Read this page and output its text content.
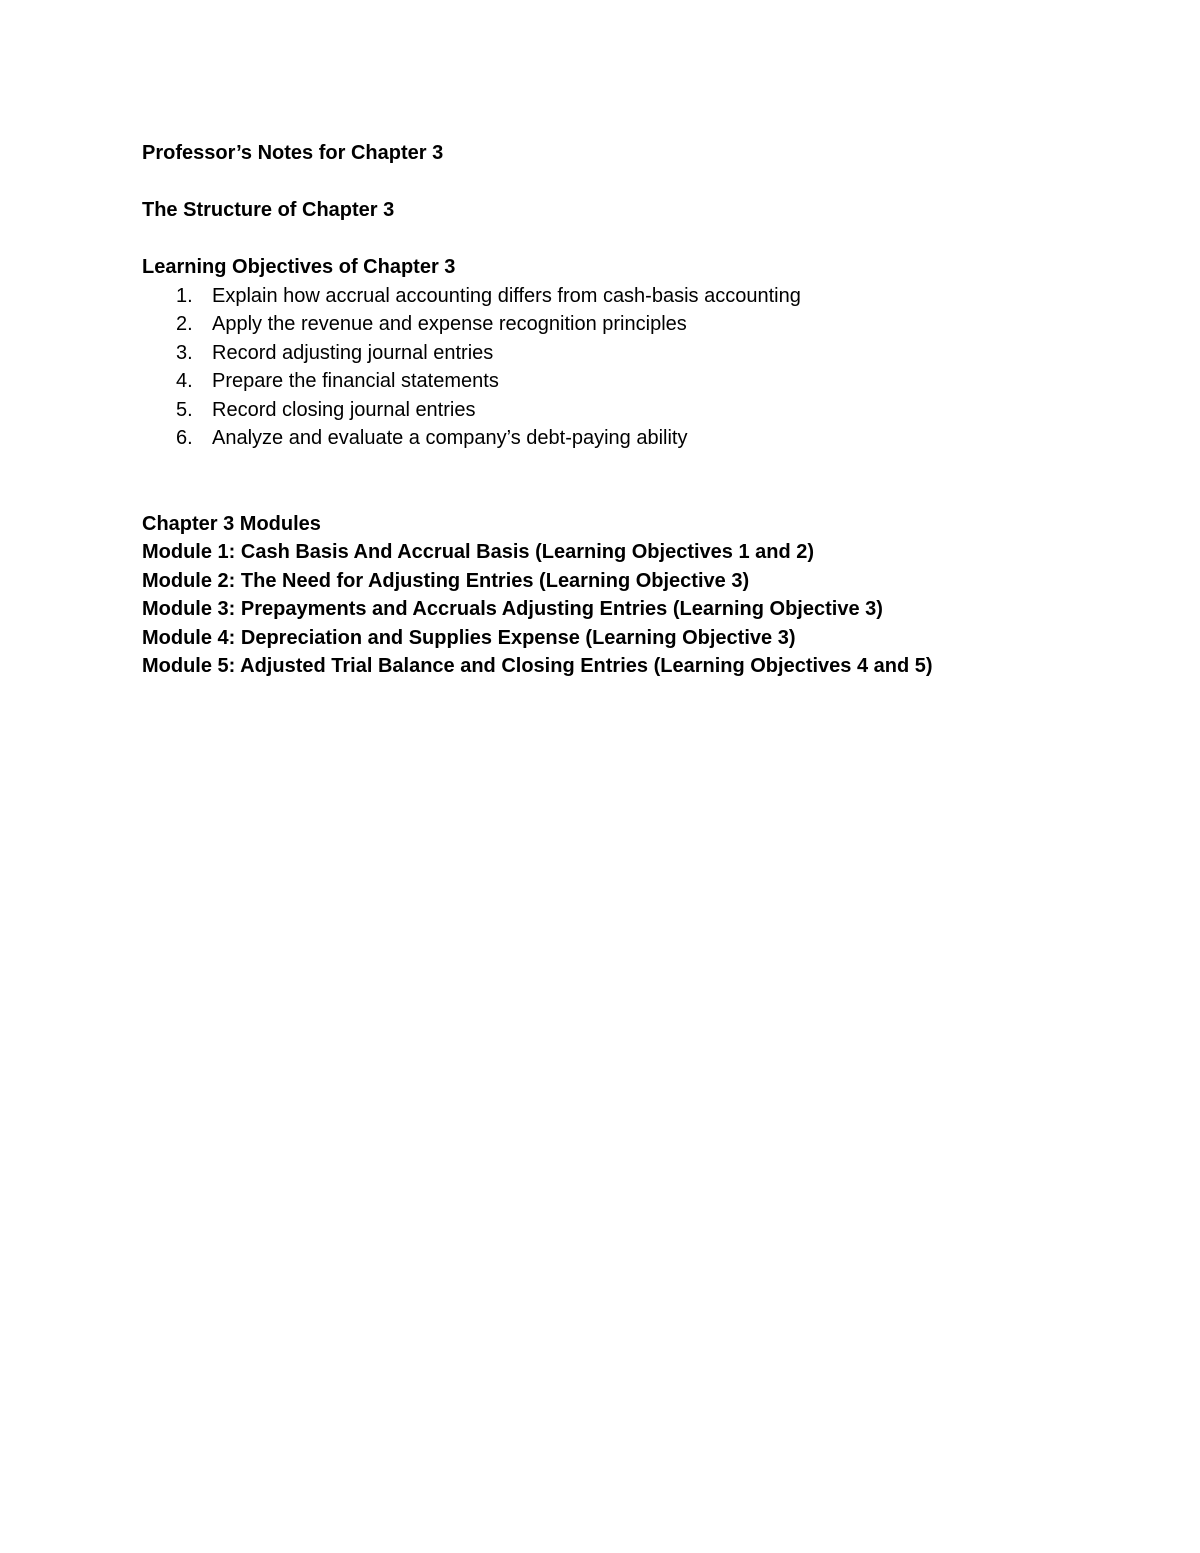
Professor’s Notes for Chapter 3

The Structure of Chapter 3

Learning Objectives of Chapter 3

1. Explain how accrual accounting differs from cash-basis accounting
2. Apply the revenue and expense recognition principles
3. Record adjusting journal entries
4. Prepare the financial statements
5. Record closing journal entries
6. Analyze and evaluate a company’s debt-paying ability

Chapter 3 Modules

Module 1: Cash Basis And Accrual Basis (Learning Objectives 1 and 2)
Module 2: The Need for Adjusting Entries (Learning Objective 3)
Module 3: Prepayments and Accruals Adjusting Entries (Learning Objective 3)
Module 4: Depreciation and Supplies Expense (Learning Objective 3)
Module 5: Adjusted Trial Balance and Closing Entries (Learning Objectives 4 and 5)
